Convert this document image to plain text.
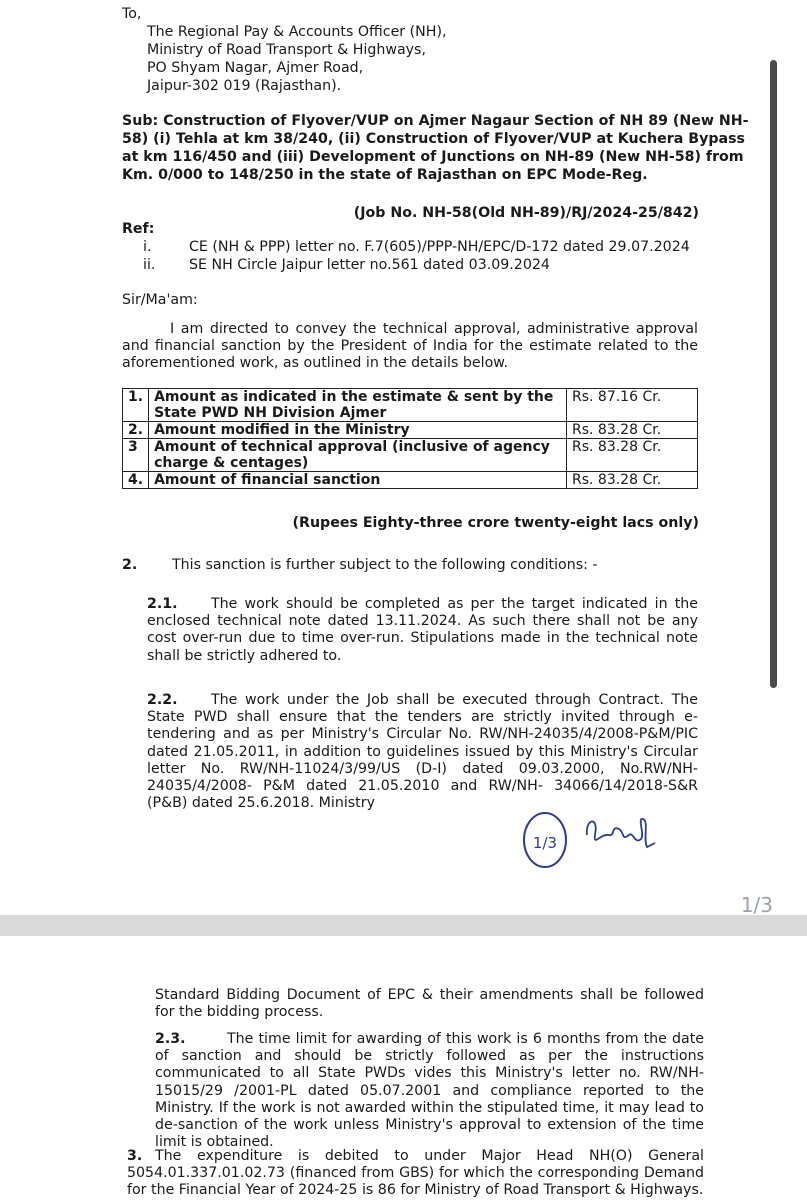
To,
The Regional Pay & Accounts Officer (NH),
Ministry of Road Transport & Highways,
PO Shyam Nagar, Ajmer Road,
Jaipur-302 019 (Rajasthan).
Sub: Construction of Flyover/VUP on Ajmer Nagaur Section of NH 89 (New NH-
58) (i) Tehla at km 38/240, (ii) Construction of Flyover/VUP at Kuchera Bypass
at km 116/450 and (iii) Development of Junctions on NH-89 (New NH-58) from
Km. 0/000 to 148/250 in the state of Rajasthan on EPC Mode-Reg.
(Job No. NH-58(Old NH-89)/RJ/2024-25/842)
Ref:
i.	CE (NH & PPP) letter no. F.7(605)/PPP-NH/EPC/D-172 dated 29.07.2024
ii. SE NH Circle Jaipur letter no.561 dated 03.09.2024
Sir/Ma'am:
I am directed to convey the technical approval, administrative approval and financial sanction by the President of India for the estimate related to the aforementioned work, as outlined in the details below.
1.	Amount as indicated in the estimate & sent by the State PWD NH Division Ajmer	Rs. 87.16 Cr.
2.	Amount modified in the Ministry	Rs. 83.28 Cr.
3	Amount of technical approval (inclusive of agency charge & centages)	Rs. 83.28 Cr.
4.	Amount of financial sanction	Rs. 83.28 Cr.
(Rupees Eighty-three crore twenty-eight lacs only)
2. This sanction is further subject to the following conditions: -
2.1.	The work should be completed as per the target indicated in the enclosed technical note dated 13.11.2024. As such there shall not be any cost over-run due to time over-run. Stipulations made in the technical note shall be strictly adhered to.
2.2.	The work under the Job shall be executed through Contract. The State PWD shall ensure that the tenders are strictly invited through e-tendering and as per Ministry's Circular No. RW/NH-24035/4/2008-P&M/PIC dated 21.05.2011, in addition to guidelines issued by this Ministry's Circular letter No. RW/NH-11024/3/99/US (D-I) dated 09.03.2000, No.RW/NH-24035/4/2008- P&M dated 21.05.2010 and RW/NH- 34066/14/2018-S&R (P&B) dated 25.6.2018. Ministry
1/3
1/3
Standard Bidding Document of EPC & their amendments shall be followed for the bidding process.
2.3.	The time limit for awarding of this work is 6 months from the date of sanction and should be strictly followed as per the instructions communicated to all State PWDs vides this Ministry's letter no. RW/NH-15015/29 /2001-PL dated 05.07.2001 and compliance reported to the Ministry. If the work is not awarded within the stipulated time, it may lead to de-sanction of the work unless Ministry's approval to extension of the time limit is obtained.
3. The expenditure is debited to under Major Head NH(O) General 5054.01.337.01.02.73 (financed from GBS) for which the corresponding Demand for the Financial Year of 2024-25 is 86 for Ministry of Road Transport & Highways.
